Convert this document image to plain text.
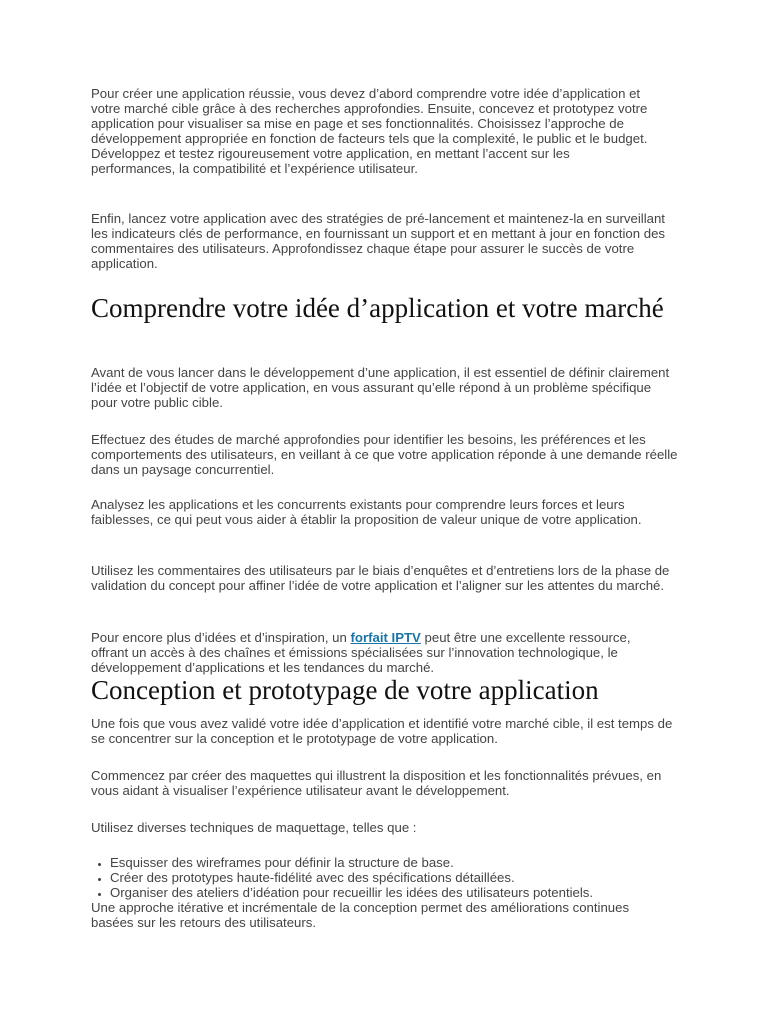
Pour créer une application réussie, vous devez d’abord comprendre votre idée d’application et votre marché cible grâce à des recherches approfondies. Ensuite, concevez et prototypez votre application pour visualiser sa mise en page et ses fonctionnalités. Choisissez l’approche de développement appropriée en fonction de facteurs tels que la complexité, le public et le budget. Développez et testez rigoureusement votre application, en mettant l’accent sur les performances, la compatibilité et l’expérience utilisateur.

Enfin, lancez votre application avec des stratégies de pré-lancement et maintenez-la en surveillant les indicateurs clés de performance, en fournissant un support et en mettant à jour en fonction des commentaires des utilisateurs. Approfondissez chaque étape pour assurer le succès de votre application.

Comprendre votre idée d’application et votre marché

Avant de vous lancer dans le développement d’une application, il est essentiel de définir clairement l’idée et l’objectif de votre application, en vous assurant qu’elle répond à un problème spécifique pour votre public cible.

Effectuez des études de marché approfondies pour identifier les besoins, les préférences et les comportements des utilisateurs, en veillant à ce que votre application réponde à une demande réelle dans un paysage concurrentiel.

Analysez les applications et les concurrents existants pour comprendre leurs forces et leurs faiblesses, ce qui peut vous aider à établir la proposition de valeur unique de votre application.

Utilisez les commentaires des utilisateurs par le biais d’enquêtes et d’entretiens lors de la phase de validation du concept pour affiner l’idée de votre application et l’aligner sur les attentes du marché.

Pour encore plus d’idées et d’inspiration, un forfait IPTV peut être une excellente ressource, offrant un accès à des chaînes et émissions spécialisées sur l’innovation technologique, le développement d’applications et les tendances du marché.

Conception et prototypage de votre application

Une fois que vous avez validé votre idée d’application et identifié votre marché cible, il est temps de se concentrer sur la conception et le prototypage de votre application.

Commencez par créer des maquettes qui illustrent la disposition et les fonctionnalités prévues, en vous aidant à visualiser l’expérience utilisateur avant le développement.

Utilisez diverses techniques de maquettage, telles que :

• Esquisser des wireframes pour définir la structure de base.
• Créer des prototypes haute-fidélité avec des spécifications détaillées.
• Organiser des ateliers d’idéation pour recueillir les idées des utilisateurs potentiels.

Une approche itérative et incrémentale de la conception permet des améliorations continues basées sur les retours des utilisateurs.
